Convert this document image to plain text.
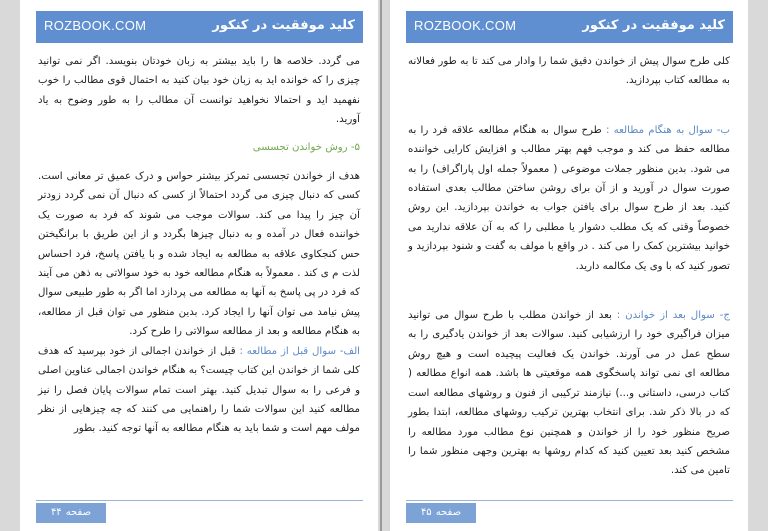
ROZBOOK.COM	کلید موفقیت در کنکور

می گردد. خلاصه ها را باید بیشتر به زبان خودتان بنویسد. اگر نمی توانید چیزی را که خوانده اید به زبان خود بیان کنید به احتمال قوی مطالب را خوب نفهمید اید و احتمالا نخواهید توانست آن مطالب را به طور وضوح به یاد آورید.

۵- روش خواندن تجسسی

هدف از خواندن تجسسی تمرکز بیشتر حواس و درک عمیق تر معانی است. کسی که دنبال چیزی می گردد احتمالاً از کسی که دنبال آن نمی گردد زودتر آن چیز را پیدا می کند. سوالات موجب می شوند که فرد به صورت یک خواننده فعال در آمده و به دنبال چیزها بگردد و از این طریق با برانگیختن حس کنجکاوی علاقه به مطالعه به ایجاد شده و با یافتن پاسخ، فرد احساس لذت م ی کند . معمولاً به هنگام مطالعه خود به خود سوالاتی به ذهن می آیند که فرد در پی پاسخ به آنها به مطالعه می پردازد اما اگر به طور طبیعی سوال پیش نیامد می توان آنها را ایجاد کرد. بدین منظور می توان قبل از مطالعه، به هنگام مطالعه و بعد از مطالعه سوالاتی را طرح کرد.

الف- سوال قبل از مطالعه : قبل از خواندن اجمالی از خود بپرسید که هدف کلی شما از خواندن این کتاب چیست؟ به هنگام خواندن اجمالی عناوین اصلی و فرعی را به سوال تبدیل کنید. بهتر است تمام سوالات پایان فصل را نیز مطالعه کنید این سوالات شما را راهنمایی می کنند که چه چیزهایی از نظر مولف مهم است و شما باید به هنگام مطالعه به آنها توجه کنید. بطور

صفحه۴۴
ROZBOOK.COM	کلید موفقیت در کنکور

کلی طرح سوال پیش از خواندن دقیق شما را وادار می کند تا به طور فعالانه به مطالعه کتاب بپردازید.

ب- سوال به هنگام مطالعه : طرح سوال به هنگام مطالعه علاقه فرد را به مطالعه حفظ می کند و موجب فهم بهتر مطالب و افزایش کارایی خواننده می شود. بدین منظور جملات موضوعی ( معمولاً جمله اول پاراگراف) را به صورت سوال در آورید و از آن برای روشن ساختن مطالب بعدی استفاده کنید. بعد از طرح سوال برای یافتن جواب به خواندن بپردازید. این روش خصوصاً وقتی که یک مطلب دشوار یا مطلبی را که به آن علاقه ندارید می خوانید بیشترین کمک را می کند . در واقع با مولف به گفت و شنود بپردازید و تصور کنید که با وی یک مکالمه دارید.

ج- سوال بعد از خواندن : بعد از خواندن مطلب با طرح سوال می توانید میزان فراگیری خود را ارزشیابی کنید. سوالات بعد از خواندن یادگیری را به سطح عمل در می آورند. خواندن یک فعالیت پیچیده است و هیچ روش مطالعه ای نمی تواند پاسخگوی همه موقعیتی ها باشد. همه انواع مطالعه ( کتاب درسی، داستانی و...) نیازمند ترکیبی از فنون و روشهای مطالعه است که در بالا ذکر شد. برای انتخاب بهترین ترکیب روشهای مطالعه، ابتدا بطور صریح منظور خود را از خواندن و همچنین نوع مطالب مورد مطالعه را مشخص کنید بعد تعیین کنید که کدام روشها به بهترین وجهی منظور شما را تامین می کند.

صفحه۴۵
